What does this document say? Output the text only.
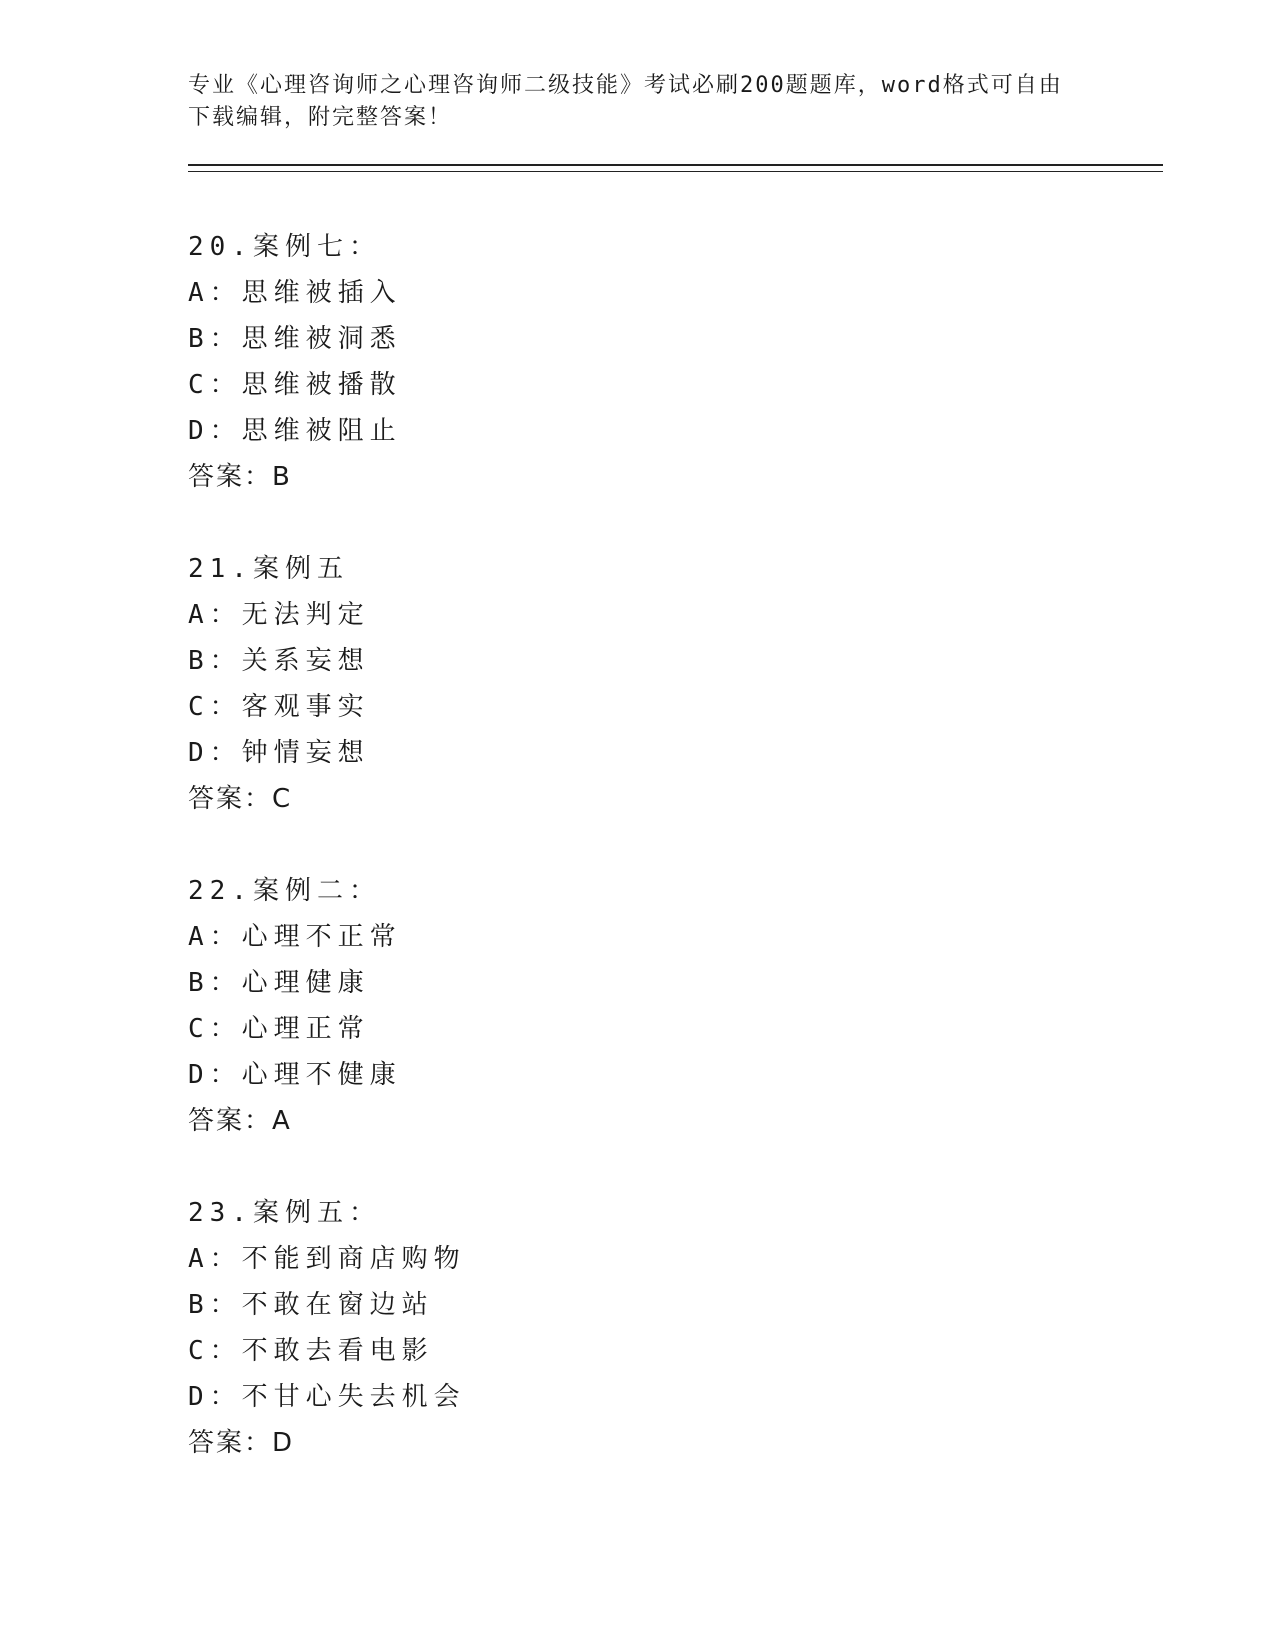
专业《心理咨询师之心理咨询师二级技能》考试必刷200题题库，word格式可自由下载编辑，附完整答案！

20.案例七：
A：思维被插入
B：思维被洞悉
C：思维被播散
D：思维被阻止
答案：B
21.案例五
A：无法判定
B：关系妄想
C：客观事实
D：钟情妄想
答案：C
22.案例二：
A：心理不正常
B：心理健康
C：心理正常
D：心理不健康
答案：A
23.案例五：
A：不能到商店购物
B：不敢在窗边站
C：不敢去看电影
D：不甘心失去机会
答案：D
